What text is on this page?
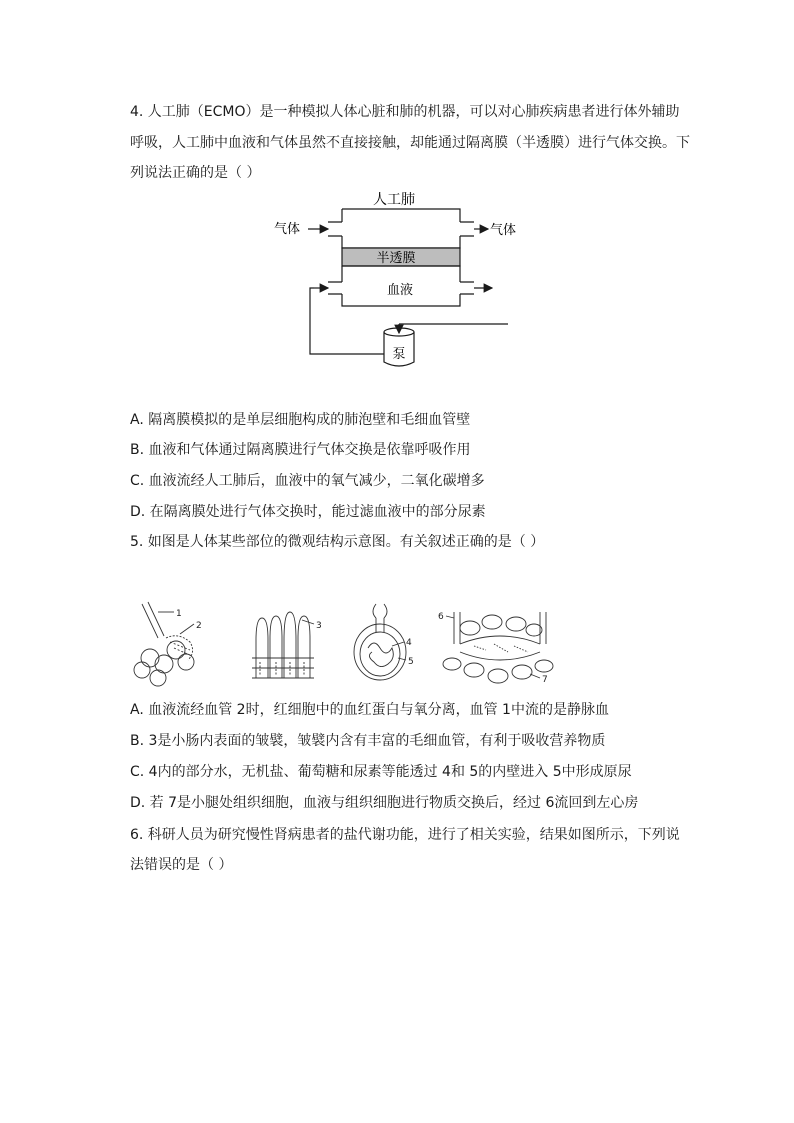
4. 人工肺（ECMO）是一种模拟人体心脏和肺的机器，可以对心肺疾病患者进行体外辅助
呼吸，人工肺中血液和气体虽然不直接接触，却能通过隔离膜（半透膜）进行气体交换。下
列说法正确的是（ ）
人工肺
半透膜
血液
气体	气体
泵
A. 隔离膜模拟的是单层细胞构成的肺泡壁和毛细血管壁
B. 血液和气体通过隔离膜进行气体交换是依靠呼吸作用
C. 血液流经人工肺后，血液中的氧气减少，二氧化碳增多
D. 在隔离膜处进行气体交换时，能过滤血液中的部分尿素
5. 如图是人体某些部位的微观结构示意图。有关叙述正确的是（ ）
1
2	3
4
5
6
7
A. 血液流经血管 2时，红细胞中的血红蛋白与氧分离，血管 1中流的是静脉血
B. 3是小肠内表面的皱襞，皱襞内含有丰富的毛细血管，有利于吸收营养物质
C. 4内的部分水，无机盐、葡萄糖和尿素等能透过 4和 5的内壁进入 5中形成原尿
D. 若 7是小腿处组织细胞，血液与组织细胞进行物质交换后，经过 6流回到左心房
6. 科研人员为研究慢性肾病患者的盐代谢功能，进行了相关实验，结果如图所示，下列说
法错误的是（ ）
